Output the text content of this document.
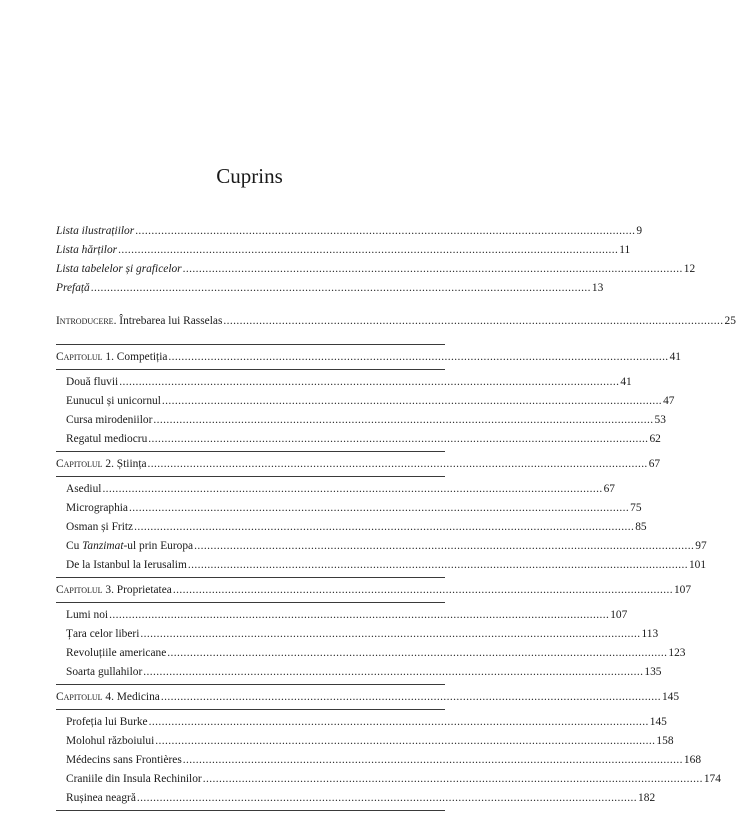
Cuprins
Lista ilustrațiilor .......................................................................................................................................................... 9
Lista hărților .......................................................................................................................................................... 11
Lista tabelelor și graficelor .......................................................................................................................................................... 12
Prefață .......................................................................................................................................................... 13
Introducere. Întrebarea lui Rasselas .......................................................................................................................................................... 25
Capitolul 1. Competiția .......................................................................................................................................................... 41
Două fluvii .......................................................................................................................................................... 41
Eunucul și unicornul .......................................................................................................................................................... 47
Cursa mirodeniilor .......................................................................................................................................................... 53
Regatul mediocru .......................................................................................................................................................... 62
Capitolul 2. Știința .......................................................................................................................................................... 67
Asediul .......................................................................................................................................................... 67
Micrographia .......................................................................................................................................................... 75
Osman și Fritz .......................................................................................................................................................... 85
Cu Tanzimat-ul prin Europa .......................................................................................................................................................... 97
De la Istanbul la Ierusalim .......................................................................................................................................................... 101
Capitolul 3. Proprietatea .......................................................................................................................................................... 107
Lumi noi .......................................................................................................................................................... 107
Țara celor liberi .......................................................................................................................................................... 113
Revoluțiile americane .......................................................................................................................................................... 123
Soarta gullahilor .......................................................................................................................................................... 135
Capitolul 4. Medicina .......................................................................................................................................................... 145
Profeția lui Burke .......................................................................................................................................................... 145
Molohul războiului .......................................................................................................................................................... 158
Médecins sans Frontières .......................................................................................................................................................... 168
Craniile din Insula Rechinilor .......................................................................................................................................................... 174
Rușinea neagră .......................................................................................................................................................... 182
